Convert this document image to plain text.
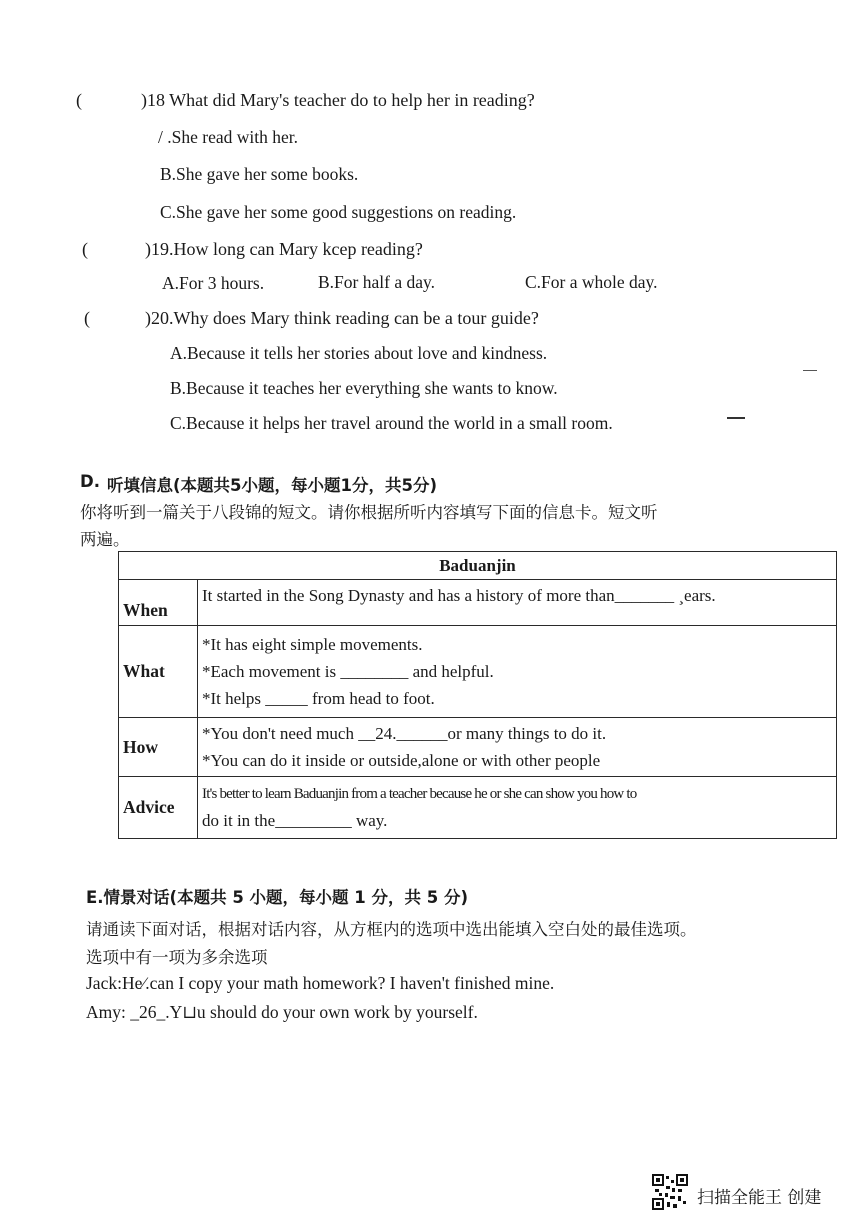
(	)18 What did Mary's teacher do to help her in reading?
/ .She read with her.
B.She gave her some books.
C.She gave her some good suggestions on reading.
(	)19.How long can Mary kcep reading?
A.For 3 hours.	B.For half a day.	C.For a whole day.
(	)20.Why does Mary think reading can be a tour guide?
A.Because it tells her stories about love and kindness.
B.Because it teaches her everything she wants to know.
C.Because it helps her travel around the world in a small room.
D. 听填信息(本题共5小题，每小题1分，共5分)
你将听到一篇关于八段锦的短文。请你根据所听内容填写下面的信息卡。短文听
两遍。
Baduanjin	
When	It started in the Song Dynasty and has a history of more than_______ ¸ears.

What	*It has eight simple movements.
*Each movement is ________ and helpful.
*It helps _____ from head to foot.

How	*You don't need much __24.______or many things to do it.
*You can do it inside or outside,alone or with other people

Advice	It's better to learn Baduanjin from a teacher because he or she can show you how to
do it in the_________ way.
E.情景对话(本题共 5 小题，每小题 1 分，共 5 分)
请通读下面对话，根据对话内容，从方框内的选项中选出能填入空白处的最佳选项。
选项中有一项为多余选项
Jack:He∕.can I copy your math homework? I haven't finished mine.
Amy: _26_.Y⊔u should do your own work by yourself.
扫描全能王 创建
